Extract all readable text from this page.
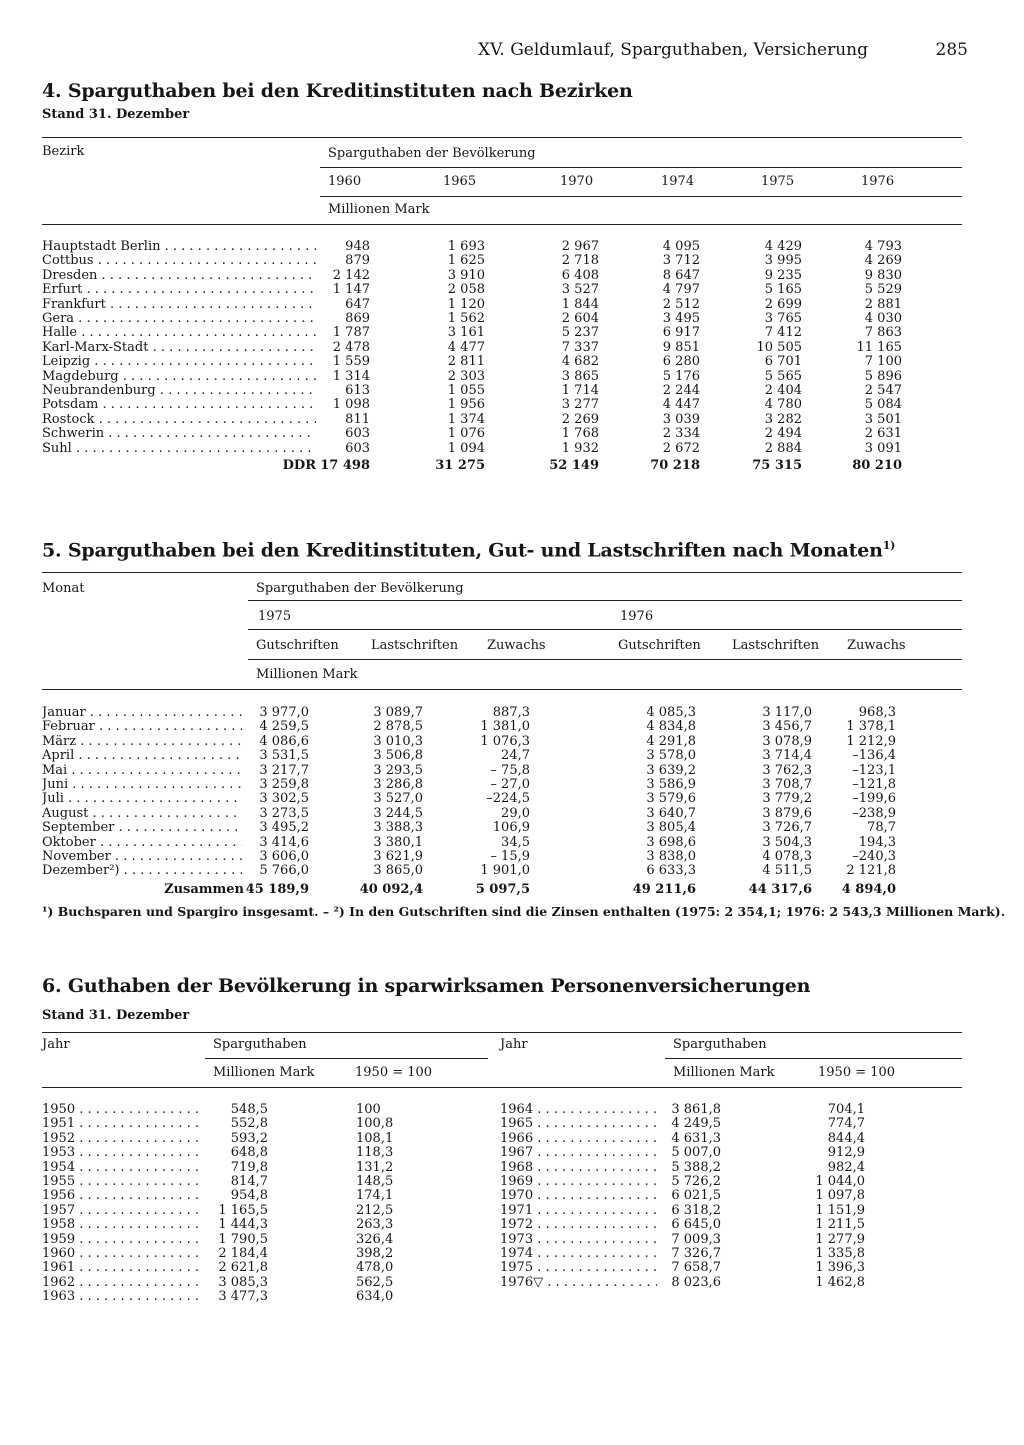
XV. Geldumlauf, Sparguthaben, Versicherung	285
4. Sparguthaben bei den Kreditinstituten nach Bezirken
Stand 31. Dezember
Bezirk	Sparguthaben der Bevölkerung
1960	1965	1970	1974	1975	1976
Millionen Mark
Hauptstadt Berlin . . .	948	1 693	2 967	4 095	4 429	4 793
Cottbus . . .	879	1 625	2 718	3 712	3 995	4 269
Dresden . . .	2 142	3 910	6 408	8 647	9 235	9 830
Erfurt . . .	1 147	2 058	3 527	4 797	5 165	5 529
Frankfurt . . .	647	1 120	1 844	2 512	2 699	2 881
Gera . . .	869	1 562	2 604	3 495	3 765	4 030
Halle . . .	1 787	3 161	5 237	6 917	7 412	7 863
Karl-Marx-Stadt . . .	2 478	4 477	7 337	9 851	10 505	11 165
Leipzig . . .	1 559	2 811	4 682	6 280	6 701	7 100
Magdeburg . . .	1 314	2 303	3 865	5 176	5 565	5 896
Neubrandenburg . . .	613	1 055	1 714	2 244	2 404	2 547
Potsdam . . .	1 098	1 956	3 277	4 447	4 780	5 084
Rostock . . .	811	1 374	2 269	3 039	3 282	3 501
Schwerin . . .	603	1 076	1 768	2 334	2 494	2 631
Suhl . . .	603	1 094	1 932	2 672	2 884	3 091
DDR 17 498	31 275	52 149	70 218	75 315	80 210
5. Sparguthaben bei den Kreditinstituten, Gut- und Lastschriften nach Monaten$^{1)}$
Monat	Sparguthaben der Bevölkerung
1975	1976
Gutschriften Lastschriften Zuwachs	Gutschriften Lastschriften Zuwachs
Millionen Mark
Januar . . .	3 977,0	3 089,7	887,3	4 085,3	3 117,0	968,3
Februar . . .	4 259,5	2 878,5	1 381,0	4 834,8	3 456,7	1 378,1
März . . .	4 086,6	3 010,3	1 076,3	4 291,8	3 078,9	1 212,9
April . . .	3 531,5	3 506,8	24,7	3 578,0	3 714,4	–136,4
Mai . . .	3 217,7	3 293,5	– 75,8	3 639,2	3 762,3	–123,1
Juni . . .	3 259,8	3 286,8	– 27,0	3 586,9	3 708,7	–121,8
Juli . . .	3 302,5	3 527,0	–224,5	3 579,6	3 779,2	–199,6
August . . .	3 273,5	3 244,5	29,0	3 640,7	3 879,6	–238,9
September . . .	3 495,2	3 388,3	106,9	3 805,4	3 726,7	78,7
Oktober . . .	3 414,6	3 380,1	34,5	3 698,6	3 504,3	194,3
November . . .	3 606,0	3 621,9	– 15,9	3 838,0	4 078,3	–240,3
Dezember²) . . .	5 766,0	3 865,0	1 901,0	6 633,3	4 511,5	2 121,8
Zusammen 45 189,9	40 092,4	5 097,5	49 211,6	44 317,6	4 894,0
¹) Buchsparen und Spargiro insgesamt. – ²) In den Gutschriften sind die Zinsen enthalten (1975: 2 354,1; 1976: 2 543,3 Millionen Mark).
6. Guthaben der Bevölkerung in sparwirksamen Personenversicherungen
Stand 31. Dezember
Jahr	Sparguthaben	Jahr	Sparguthaben
Millionen Mark	1950 = 100	Millionen Mark	1950 = 100
1950 . . .	548,5	100
1951 . . .	552,8	100,8
1952 . . .	593,2	108,1
1953 . . .	648,8	118,3
1954 . . .	719,8	131,2
1955 . . .	814,7	148,5
1956 . . .	954,8	174,1
1957 . . .	1 165,5	212,5
1958 . . .	1 444,3	263,3
1959 . . .	1 790,5	326,4
1960 . . .	2 184,4	398,2
1961 . . .	2 621,8	478,0
1962 . . .	3 085,3	562,5
1963 . . .	3 477,3	634,0
1964 . . .	3 861,8	704,1
1965 . . .	4 249,5	774,7
1966 . . .	4 631,3	844,4
1967 . . .	5 007,0	912,9
1968 . . .	5 388,2	982,4
1969 . . .	5 726,2	1 044,0
1970 . . .	6 021,5	1 097,8
1971 . . .	6 318,2	1 151,9
1972 . . .	6 645,0	1 211,5
1973 . . .	7 009,3	1 277,9
1974 . . .	7 326,7	1 335,8
1975 . . .	7 658,7	1 396,3
1976▽ . . .	8 023,6	1 462,8
